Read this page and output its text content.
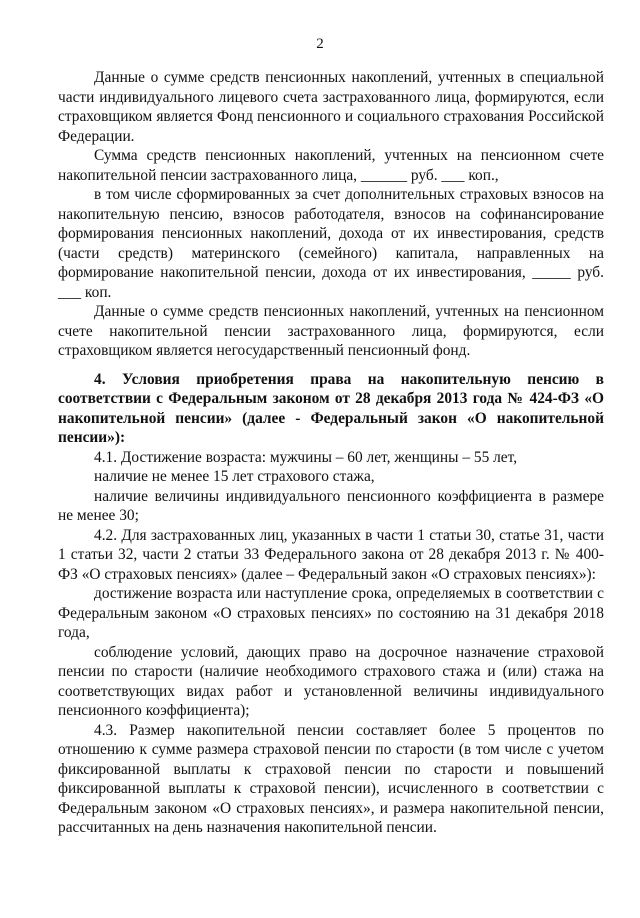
2

Данные о сумме средств пенсионных накоплений, учтенных в специальной части индивидуального лицевого счета застрахованного лица, формируются, если страховщиком является Фонд пенсионного и социального страхования Российской Федерации.

Сумма средств пенсионных накоплений, учтенных на пенсионном счете накопительной пенсии застрахованного лица, ______ руб. ___ коп.,

в том числе сформированных за счет дополнительных страховых взносов на накопительную пенсию, взносов работодателя, взносов на софинансирование формирования пенсионных накоплений, дохода от их инвестирования, средств (части средств) материнского (семейного) капитала, направленных на формирование накопительной пенсии, дохода от их инвестирования, _____ руб. ___ коп.

Данные о сумме средств пенсионных накоплений, учтенных на пенсионном счете накопительной пенсии застрахованного лица, формируются, если страховщиком является негосударственный пенсионный фонд.

4. Условия приобретения права на накопительную пенсию в соответствии с Федеральным законом от 28 декабря 2013 года № 424-ФЗ «О накопительной пенсии» (далее - Федеральный закон «О накопительной пенсии»):

4.1. Достижение возраста: мужчины – 60 лет, женщины – 55 лет,

наличие не менее 15 лет страхового стажа,

наличие величины индивидуального пенсионного коэффициента в размере не менее 30;

4.2. Для застрахованных лиц, указанных в части 1 статьи 30, статье 31, части 1 статьи 32, части 2 статьи 33 Федерального закона от 28 декабря 2013 г. № 400-ФЗ «О страховых пенсиях» (далее – Федеральный закон «О страховых пенсиях»):

достижение возраста или наступление срока, определяемых в соответствии с Федеральным законом «О страховых пенсиях» по состоянию на 31 декабря 2018 года,

соблюдение условий, дающих право на досрочное назначение страховой пенсии по старости (наличие необходимого страхового стажа и (или) стажа на соответствующих видах работ и установленной величины индивидуального пенсионного коэффициента);

4.3. Размер накопительной пенсии составляет более 5 процентов по отношению к сумме размера страховой пенсии по старости (в том числе с учетом фиксированной выплаты к страховой пенсии по старости и повышений фиксированной выплаты к страховой пенсии), исчисленного в соответствии с Федеральным законом «О страховых пенсиях», и размера накопительной пенсии, рассчитанных на день назначения накопительной пенсии.
